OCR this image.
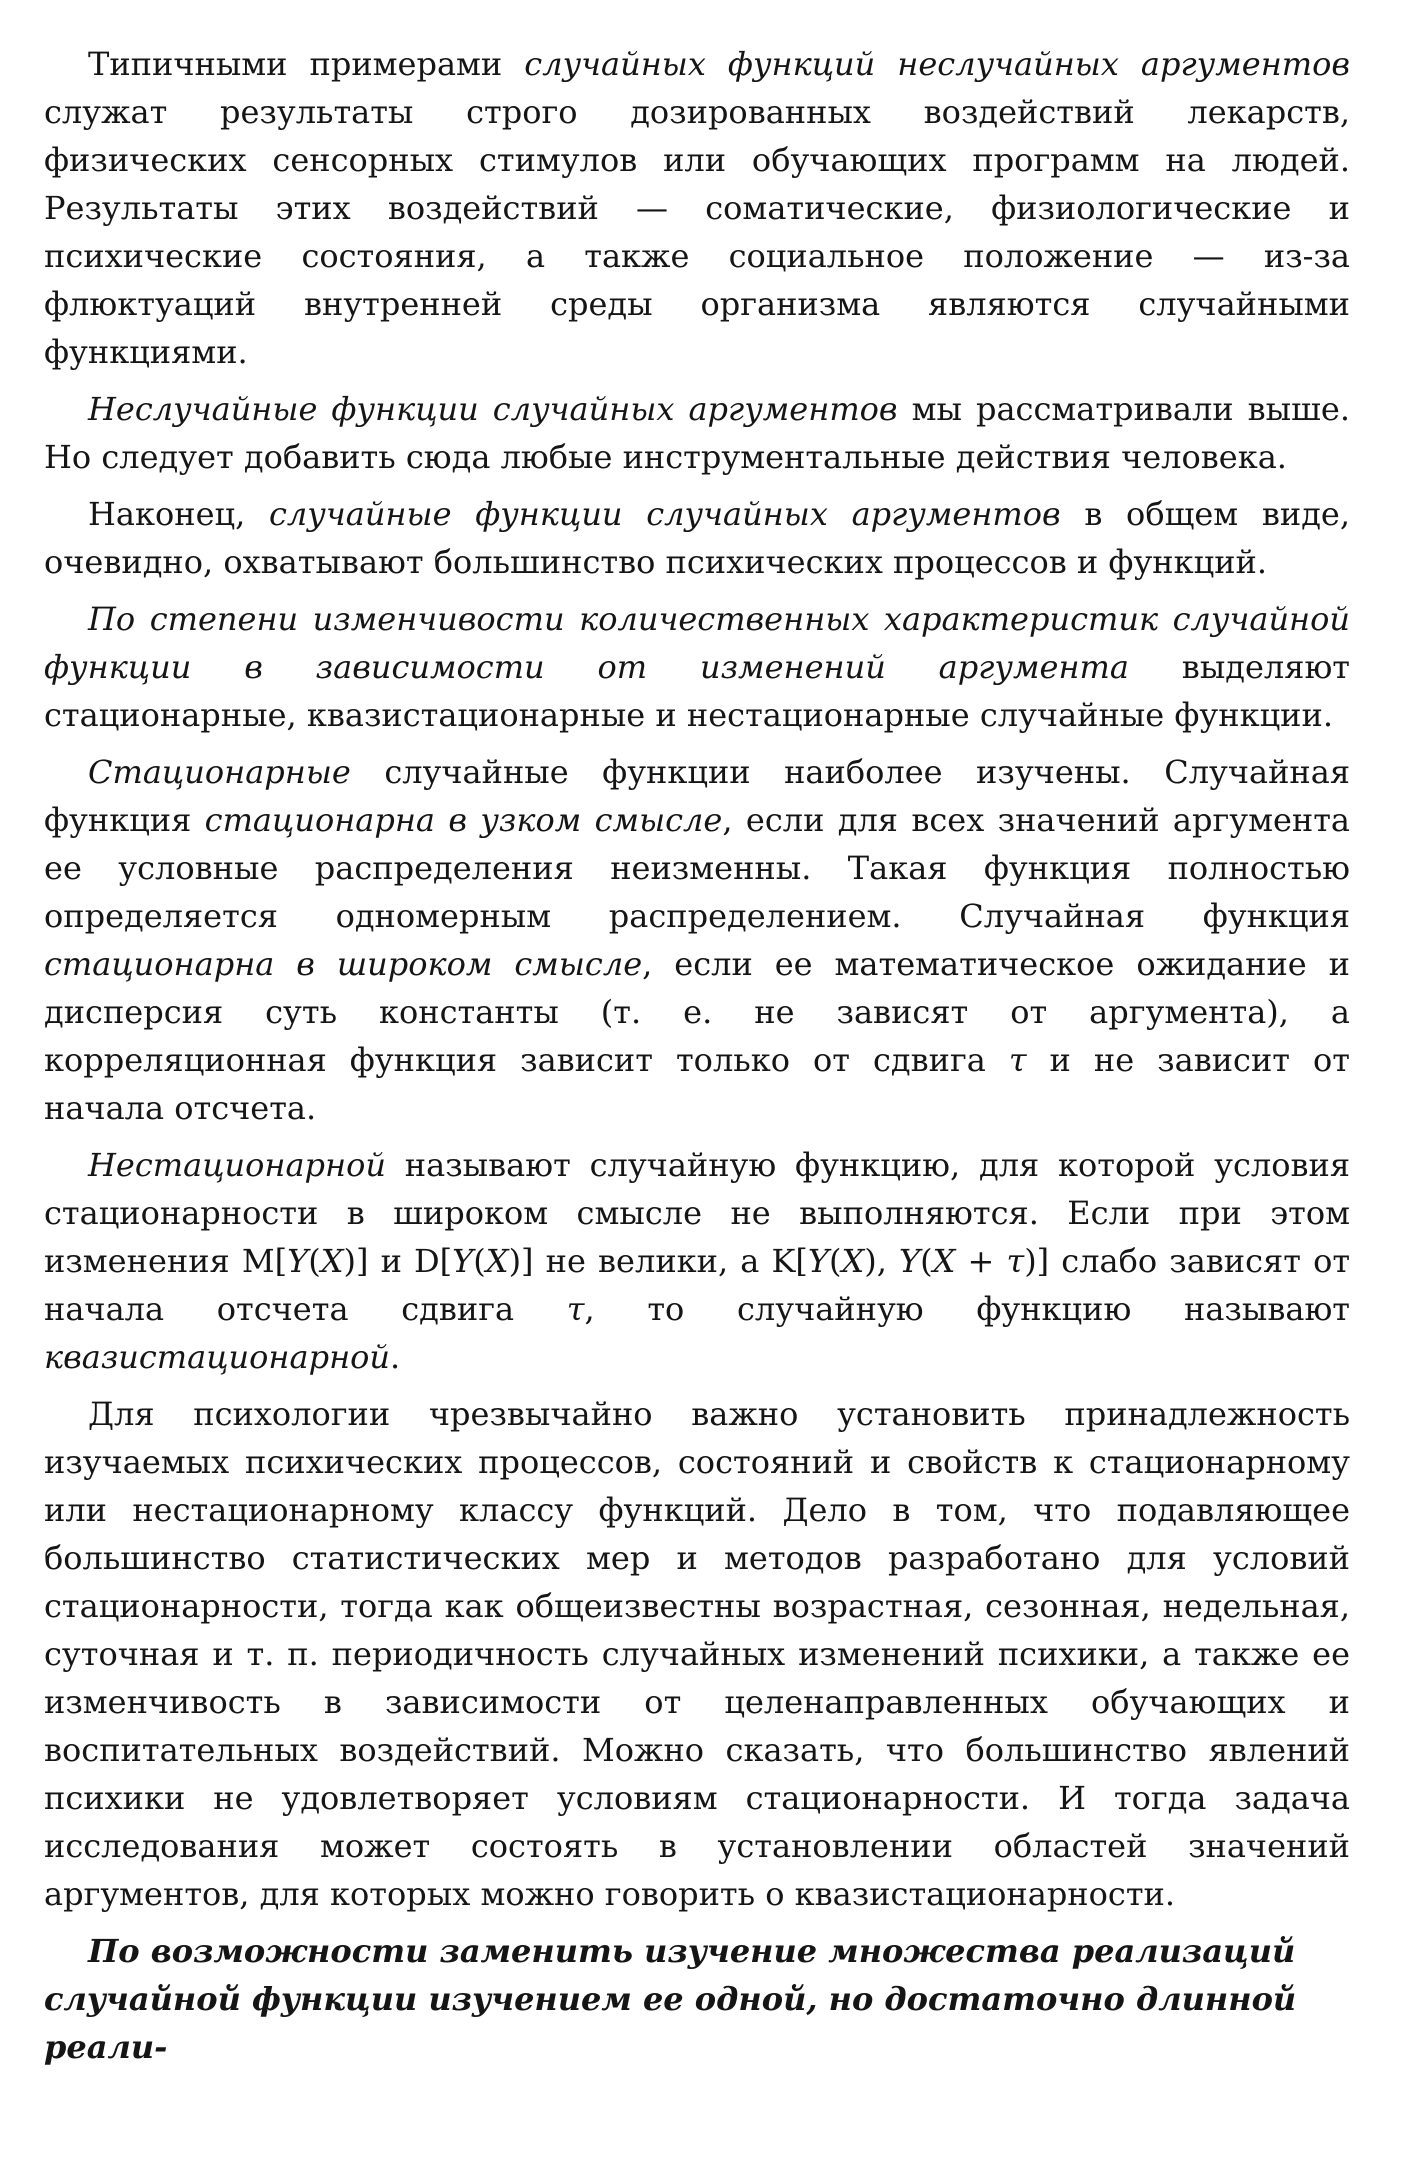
Типичными примерами случайных функций неслучайных аргументов служат результаты строго дозированных воздействий лекарств, физических сенсорных стимулов или обучающих программ на людей. Результаты этих воздействий — соматические, физиологические и психические состояния, а также социальное положение — из-за флюктуаций внутренней среды организма являются случайными функциями.

Неслучайные функции случайных аргументов мы рассматривали выше. Но следует добавить сюда любые инструментальные действия человека.

Наконец, случайные функции случайных аргументов в общем виде, очевидно, охватывают большинство психических процессов и функций.

По степени изменчивости количественных характеристик случайной функции в зависимости от изменений аргумента выделяют стационарные, квазистационарные и нестационарные случайные функции.

Стационарные случайные функции наиболее изучены. Случайная функция стационарна в узком смысле, если для всех значений аргумента ее условные распределения неизменны. Такая функция полностью определяется одномерным распределением. Случайная функция стационарна в широком смысле, если ее математическое ожидание и дисперсия суть константы (т. е. не зависят от аргумента), а корреляционная функция зависит только от сдвига τ и не зависит от начала отсчета.

Нестационарной называют случайную функцию, для которой условия стационарности в широком смысле не выполняются. Если при этом изменения M[Y(X)] и D[Y(X)] не велики, а K[Y(X), Y(X + τ)] слабо зависят от начала отсчета сдвига τ, то случайную функцию называют квазистационарной.

Для психологии чрезвычайно важно установить принадлежность изучаемых психических процессов, состояний и свойств к стационарному или нестационарному классу функций. Дело в том, что подавляющее большинство статистических мер и методов разработано для условий стационарности, тогда как общеизвестны возрастная, сезонная, недельная, суточная и т. п. периодичность случайных изменений психики, а также ее изменчивость в зависимости от целенаправленных обучающих и воспитательных воздействий. Можно сказать, что большинство явлений психики не удовлетворяет условиям стационарности. И тогда задача исследования может состоять в установлении областей значений аргументов, для которых можно говорить о квазистационарности.

По возможности заменить изучение множества реализаций случайной функции изучением ее одной, но достаточно длинной реали-
